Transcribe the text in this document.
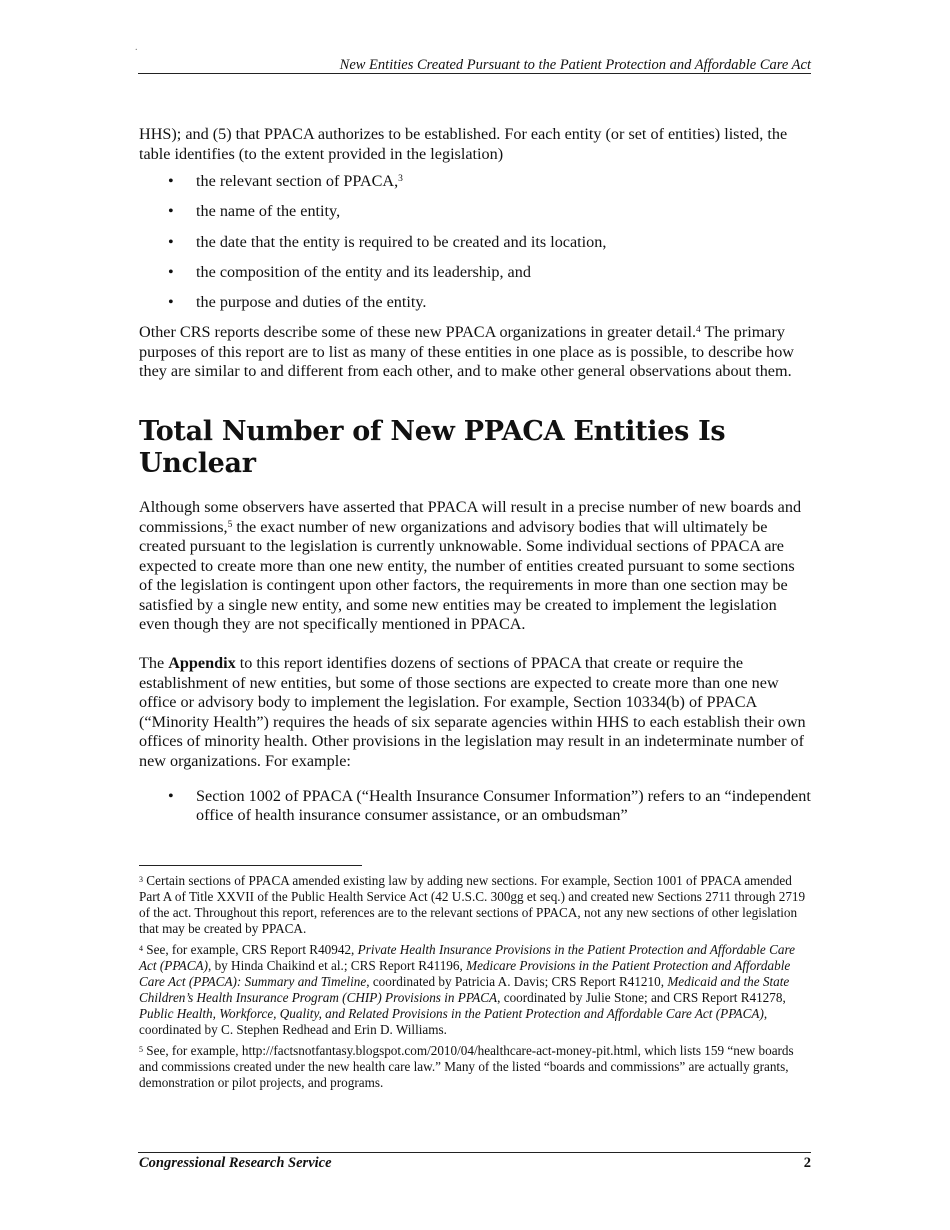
.
New Entities Created Pursuant to the Patient Protection and Affordable Care Act

HHS); and (5) that PPACA authorizes to be established. For each entity (or set of entities) listed, the table identifies (to the extent provided in the legislation)

• the relevant section of PPACA,$^3$
• the name of the entity,
• the date that the entity is required to be created and its location,
• the composition of the entity and its leadership, and
• the purpose and duties of the entity.

Other CRS reports describe some of these new PPACA organizations in greater detail.$^4$ The primary purposes of this report are to list as many of these entities in one place as is possible, to describe how they are similar to and different from each other, and to make other general observations about them.

Total Number of New PPACA Entities Is Unclear

Although some observers have asserted that PPACA will result in a precise number of new boards and commissions,$^5$ the exact number of new organizations and advisory bodies that will ultimately be created pursuant to the legislation is currently unknowable. Some individual sections of PPACA are expected to create more than one new entity, the number of entities created pursuant to some sections of the legislation is contingent upon other factors, the requirements in more than one section may be satisfied by a single new entity, and some new entities may be created to implement the legislation even though they are not specifically mentioned in PPACA.

The Appendix to this report identifies dozens of sections of PPACA that create or require the establishment of new entities, but some of those sections are expected to create more than one new office or advisory body to implement the legislation. For example, Section 10334(b) of PPACA (“Minority Health”) requires the heads of six separate agencies within HHS to each establish their own offices of minority health. Other provisions in the legislation may result in an indeterminate number of new organizations. For example:

• Section 1002 of PPACA (“Health Insurance Consumer Information”) refers to an “independent office of health insurance consumer assistance, or an ombudsman”

$^3$ Certain sections of PPACA amended existing law by adding new sections. For example, Section 1001 of PPACA amended Part A of Title XXVII of the Public Health Service Act (42 U.S.C. 300gg et seq.) and created new Sections 2711 through 2719 of the act. Throughout this report, references are to the relevant sections of PPACA, not any new sections of other legislation that may be created by PPACA.

$^4$ See, for example, CRS Report R40942, Private Health Insurance Provisions in the Patient Protection and Affordable Care Act (PPACA), by Hinda Chaikind et al.; CRS Report R41196, Medicare Provisions in the Patient Protection and Affordable Care Act (PPACA): Summary and Timeline, coordinated by Patricia A. Davis; CRS Report R41210, Medicaid and the State Children’s Health Insurance Program (CHIP) Provisions in PPACA, coordinated by Julie Stone; and CRS Report R41278, Public Health, Workforce, Quality, and Related Provisions in the Patient Protection and Affordable Care Act (PPACA), coordinated by C. Stephen Redhead and Erin D. Williams.

$^5$ See, for example, http://factsnotfantasy.blogspot.com/2010/04/healthcare-act-money-pit.html, which lists 159 “new boards and commissions created under the new health care law.” Many of the listed “boards and commissions” are actually grants, demonstration or pilot projects, and programs.

Congressional Research Service	2
